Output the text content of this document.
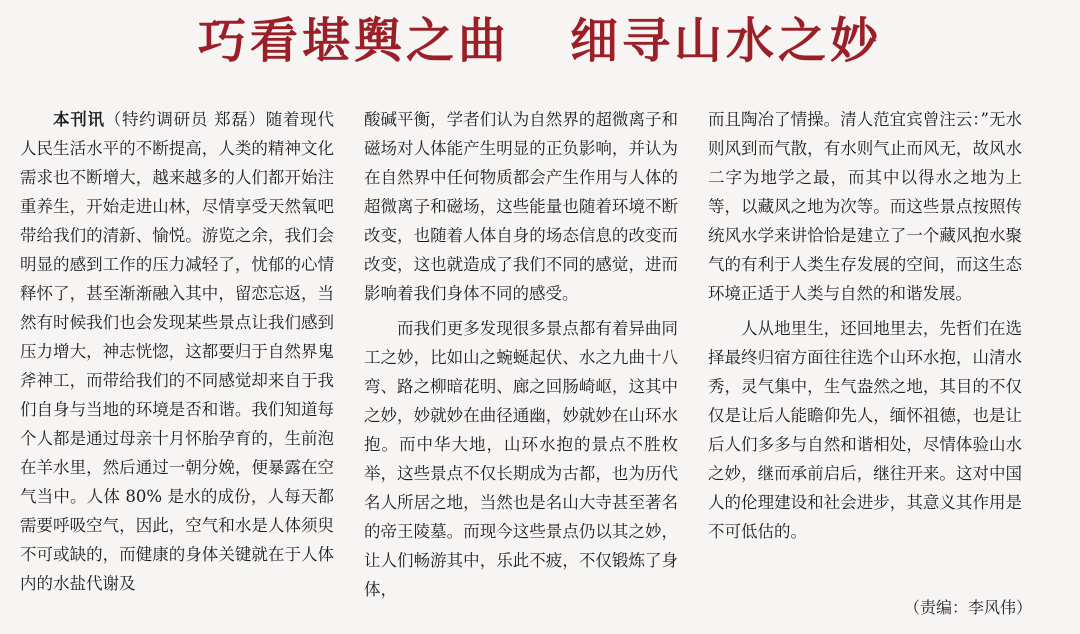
巧看堪舆之曲 细寻山水之妙

本刊讯（特约调研员 郑磊）随着现代人民生活水平的不断提高，人类的精神文化需求也不断增大，越来越多的人们都开始注重养生，开始走进山林，尽情享受天然氧吧带给我们的清新、愉悦。游览之余，我们会明显的感到工作的压力减轻了，忧郁的心情释怀了，甚至渐渐融入其中，留恋忘返，当然有时候我们也会发现某些景点让我们感到压力增大，神志恍惚，这都要归于自然界鬼斧神工，而带给我们的不同感觉却来自于我们自身与当地的环境是否和谐。我们知道每个人都是通过母亲十月怀胎孕育的，生前泡在羊水里，然后通过一朝分娩，便暴露在空气当中。人体 80% 是水的成份，人每天都需要呼吸空气，因此，空气和水是人体须臾不可或缺的，而健康的身体关键就在于人体内的水盐代谢及

酸碱平衡，学者们认为自然界的超微离子和磁场对人体能产生明显的正负影响，并认为在自然界中任何物质都会产生作用与人体的超微离子和磁场，这些能量也随着环境不断改变，也随着人体自身的场态信息的改变而改变，这也就造成了我们不同的感觉，进而影响着我们身体不同的感受。

而我们更多发现很多景点都有着异曲同工之妙，比如山之蜿蜒起伏、水之九曲十八弯、路之柳暗花明、廊之回肠崎岖，这其中之妙，妙就妙在曲径通幽，妙就妙在山环水抱。而中华大地，山环水抱的景点不胜枚举，这些景点不仅长期成为古都，也为历代名人所居之地，当然也是名山大寺甚至著名的帝王陵墓。而现今这些景点仍以其之妙，让人们畅游其中，乐此不疲，不仅锻炼了身体，

而且陶冶了情操。清人范宜宾曾注云：”无水则风到而气散，有水则气止而风无，故风水二字为地学之最，而其中以得水之地为上等，以藏风之地为次等。而这些景点按照传统风水学来讲恰恰是建立了一个藏风抱水聚气的有利于人类生存发展的空间，而这生态环境正适于人类与自然的和谐发展。

人从地里生，还回地里去，先哲们在选择最终归宿方面往往选个山环水抱，山清水秀，灵气集中，生气盎然之地，其目的不仅仅是让后人能瞻仰先人，缅怀祖德，也是让后人们多多与自然和谐相处，尽情体验山水之妙，继而承前启后，继往开来。这对中国人的伦理建设和社会进步，其意义其作用是不可低估的。

（责编：李风伟）
